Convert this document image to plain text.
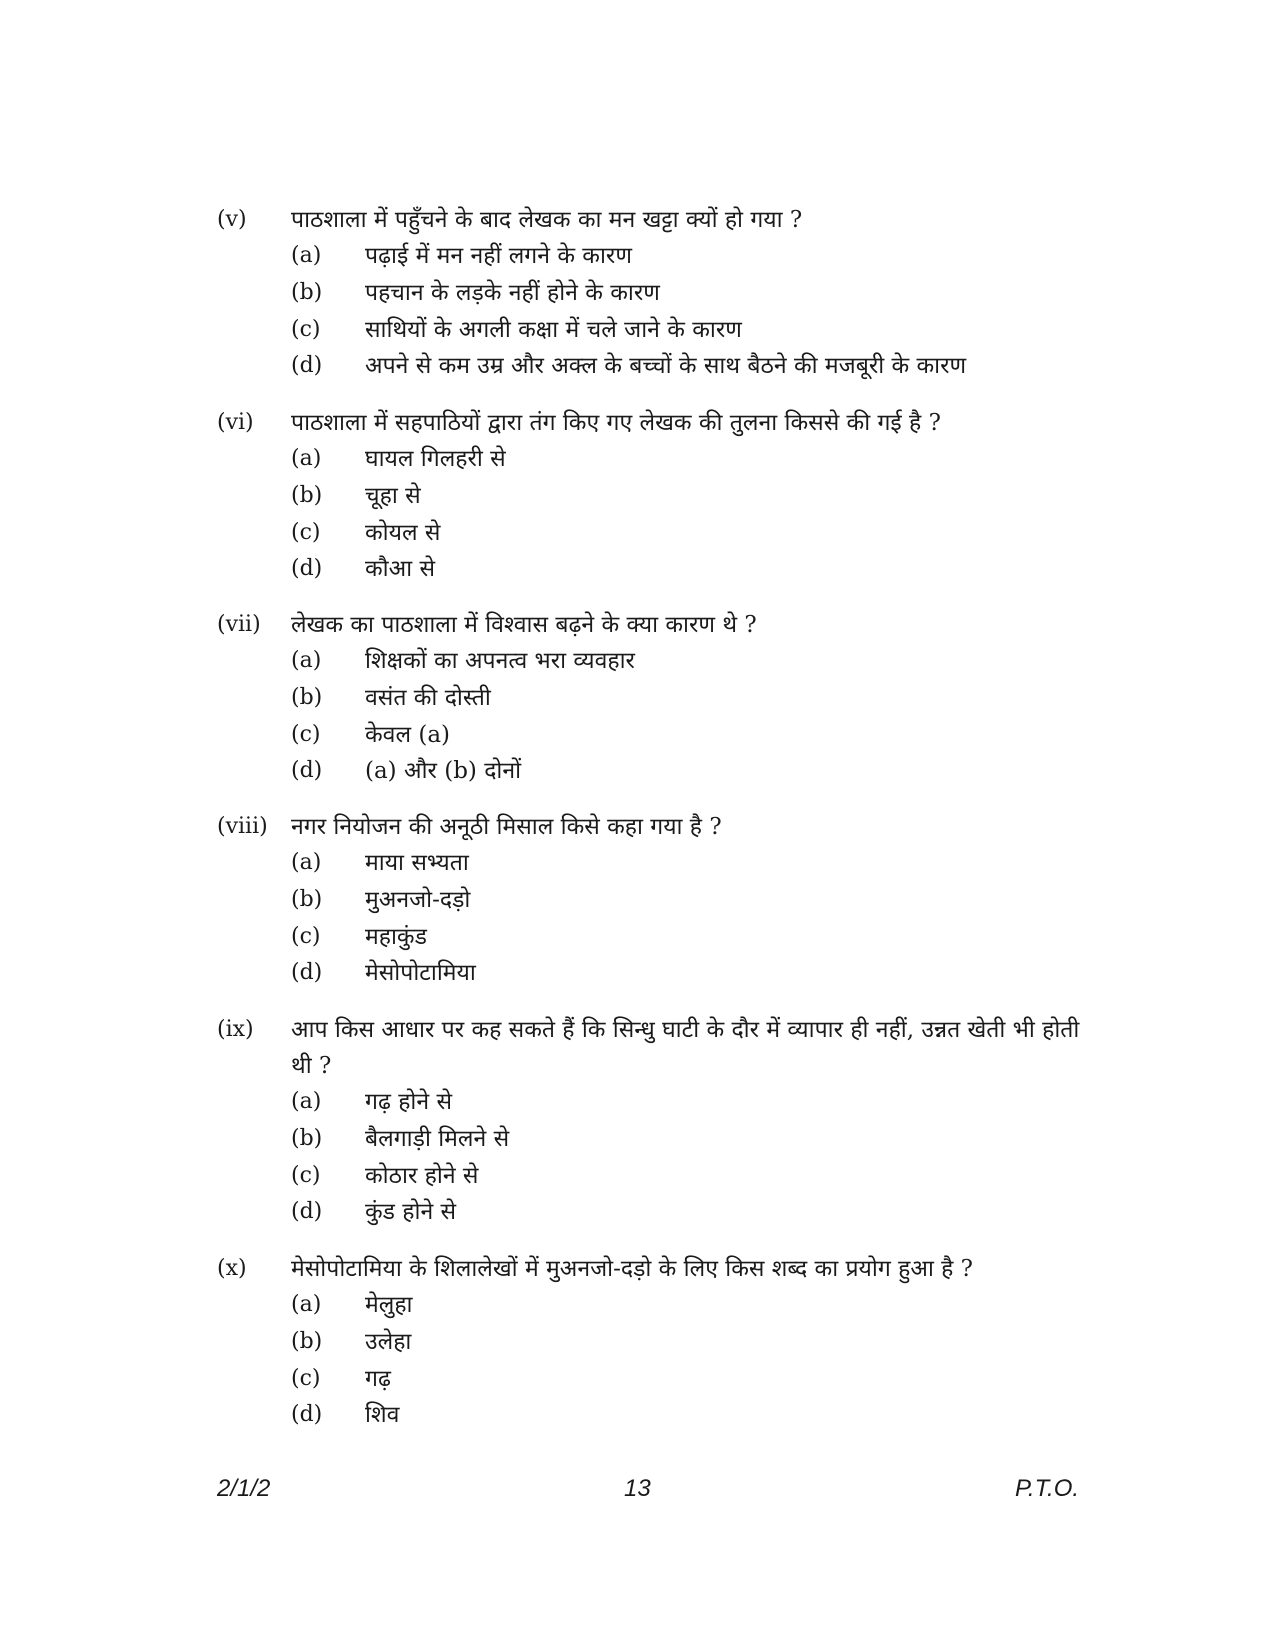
(v) पाठशाला में पहुँचने के बाद लेखक का मन खट्टा क्यों हो गया ?
(a) पढ़ाई में मन नहीं लगने के कारण
(b) पहचान के लड़के नहीं होने के कारण
(c) साथियों के अगली कक्षा में चले जाने के कारण
(d) अपने से कम उम्र और अक्ल के बच्चों के साथ बैठने की मजबूरी के कारण
(vi) पाठशाला में सहपाठियों द्वारा तंग किए गए लेखक की तुलना किससे की गई है ?
(a) घायल गिलहरी से
(b) चूहा से
(c) कोयल से
(d) कौआ से
(vii) लेखक का पाठशाला में विश्वास बढ़ने के क्या कारण थे ?
(a) शिक्षकों का अपनत्व भरा व्यवहार
(b) वसंत की दोस्ती
(c) केवल (a)
(d) (a) और (b) दोनों
(viii) नगर नियोजन की अनूठी मिसाल किसे कहा गया है ?
(a) माया सभ्यता
(b) मुअनजो-दड़ो
(c) महाकुंड
(d) मेसोपोटामिया
(ix) आप किस आधार पर कह सकते हैं कि सिन्धु घाटी के दौर में व्यापार ही नहीं, उन्नत खेती भी होती थी ?
(a) गढ़ होने से
(b) बैलगाड़ी मिलने से
(c) कोठार होने से
(d) कुंड होने से
(x) मेसोपोटामिया के शिलालेखों में मुअनजो-दड़ो के लिए किस शब्द का प्रयोग हुआ है ?
(a) मेलुहा
(b) उलेहा
(c) गढ़
(d) शिव
2/1/2	13	P.T.O.
